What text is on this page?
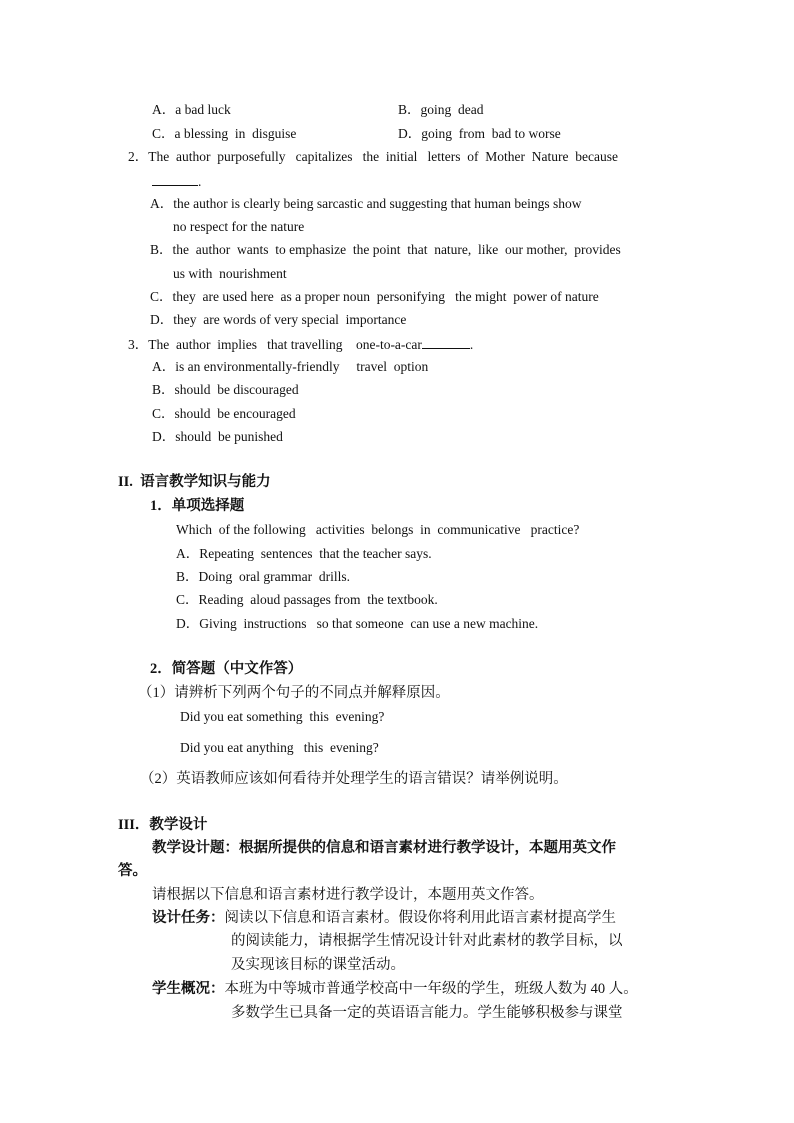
A．a bad luck	B．going  dead
C．a blessing  in  disguise	D．going  from  bad to worse
2．The  author  purposefully   capitalizes   the  initial   letters  of  Mother  Nature  because
.
A．the author is clearly being sarcastic and suggesting that human beings show
no respect for the nature
B．the  author  wants  to emphasize  the point  that  nature,  like  our mother,  provides
us with  nourishment
C．they  are used here  as a proper noun  personifying   the might  power of nature
D．they  are words of very special  importance
3．The  author  implies   that travelling    one-to-a-car	.
A．is an environmentally-friendly     travel  option
B．should  be discouraged
C．should  be encouraged
D．should  be punished
II. 语言教学知识与能力
1．单项选择题
Which  of the following   activities  belongs  in  communicative   practice?
A．Repeating  sentences  that the teacher says.
B．Doing  oral grammar  drills.
C．Reading  aloud passages from  the textbook.
D．Giving  instructions   so that someone  can use a new machine.
2．简答题（中文作答）
（1）请辨析下列两个句子的不同点并解释原因。
Did you eat something  this  evening?
Did you eat anything   this  evening?
（2）英语教师应该如何看待并处理学生的语言错误？请举例说明。
III．教学设计
教学设计题：根据所提供的信息和语言素材进行教学设计，本题用英文作
答。
请根据以下信息和语言素材进行教学设计，本题用英文作答。
设计任务：阅读以下信息和语言素材。假设你将利用此语言素材提高学生
的阅读能力，请根据学生情况设计针对此素材的教学目标，以
及实现该目标的课堂活动。
学生概况：本班为中等城市普通学校高中一年级的学生，班级人数为 40 人。
多数学生已具备一定的英语语言能力。学生能够积极参与课堂
